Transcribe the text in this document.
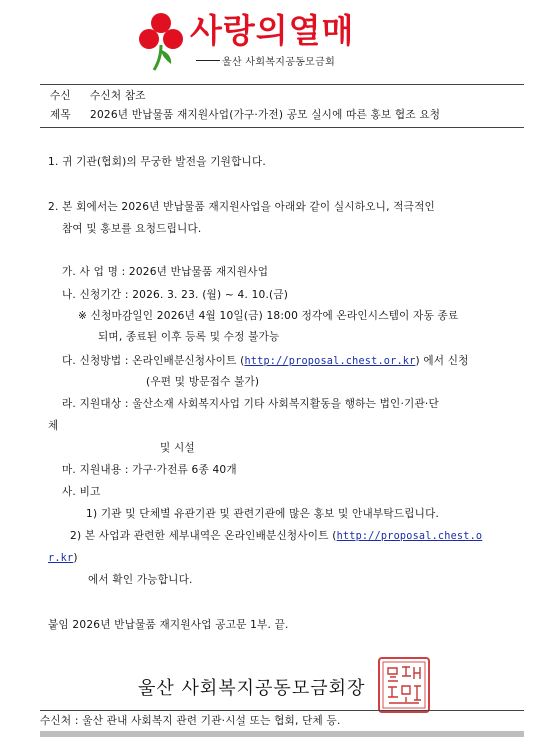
사랑의열매
울산 사회복지공동모금회
수신 수신처 참조
제목 2026년 반납물품 재지원사업(가구·가전) 공모 실시에 따른 홍보 협조 요청
1. 귀 기관(협회)의 무궁한 발전을 기원합니다.
2. 본 회에서는 2026년 반납물품 재지원사업을 아래와 같이 실시하오니, 적극적인
참여 및 홍보를 요청드립니다.
가. 사 업 명 : 2026년 반납물품 재지원사업
나. 신청기간 : 2026. 3. 23. (월) ~ 4. 10.(금)
※ 신청마감일인 2026년 4월 10일(금) 18:00 정각에 온라인시스템이 자동 종료
되며, 종료된 이후 등록 및 수정 불가능
다. 신청방법 : 온라인배분신청사이트 (http://proposal.chest.or.kr) 에서 신청
(우편 및 방문접수 불가)
라. 지원대상 : 울산소재 사회복지사업 기타 사회복지활동을 행하는 법인·기관·단
체
및 시설
마. 지원내용 : 가구·가전류 6종 40개
사. 비고
1) 기관 및 단체별 유관기관 및 관련기관에 많은 홍보 및 안내부탁드립니다.
2) 본 사업과 관련한 세부내역은 온라인배분신청사이트 (http://proposal.chest.o
r.kr)
에서 확인 가능합니다.
붙임 2026년 반납물품 재지원사업 공고문 1부. 끝.
울산 사회복지공동모금회장
수신처 : 울산 관내 사회복지 관련 기관·시설 또는 협회, 단체 등.
